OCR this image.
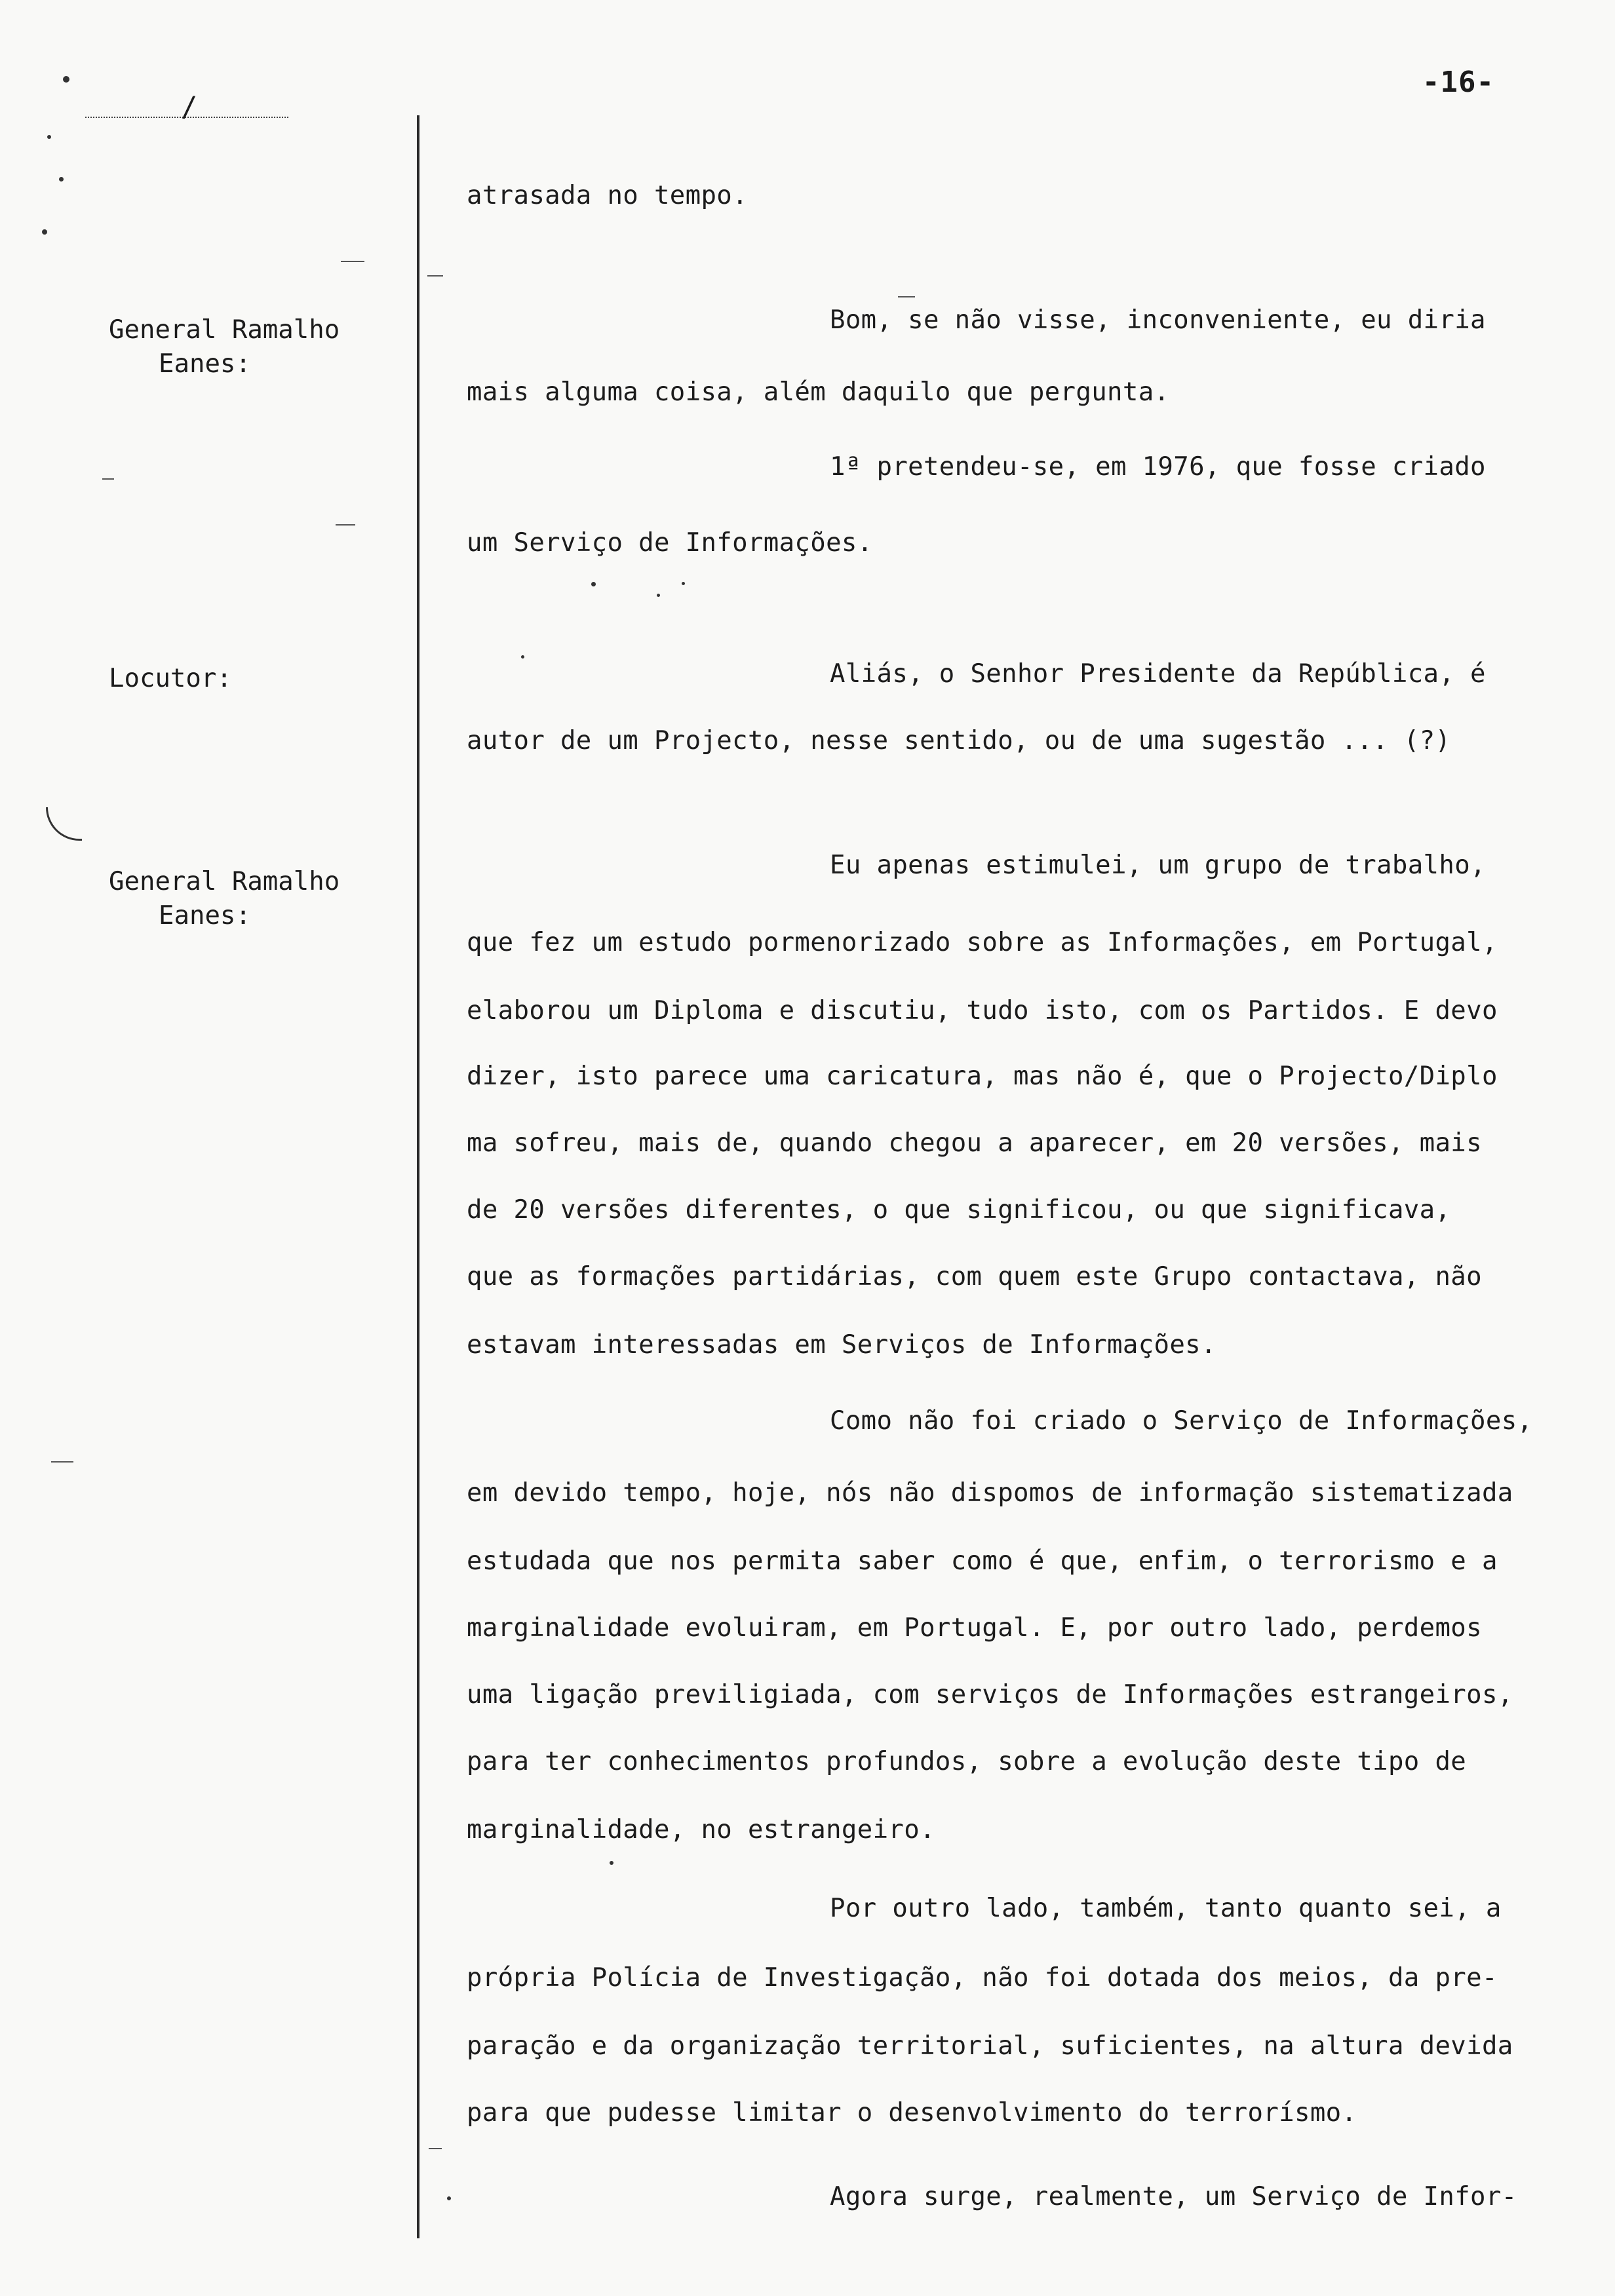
-16-
/
General Ramalho
Eanes:
Locutor:
General Ramalho
Eanes:
atrasada no tempo.
Bom, se não visse, inconveniente, eu diria
mais alguma coisa, além daquilo que pergunta.
1ª pretendeu-se, em 1976, que fosse criado
um Serviço de Informações.
Aliás, o Senhor Presidente da República, é
autor de um Projecto, nesse sentido, ou de uma sugestão ... (?)
Eu apenas estimulei, um grupo de trabalho,
que fez um estudo pormenorizado sobre as Informações, em Portugal,
elaborou um Diploma e discutiu, tudo isto, com os Partidos. E devo
dizer, isto parece uma caricatura, mas não é, que o Projecto/Diplo
ma sofreu, mais de, quando chegou a aparecer, em 20 versões, mais
de 20 versões diferentes, o que significou, ou que significava,
que as formações partidárias, com quem este Grupo contactava, não
estavam interessadas em Serviços de Informações.
Como não foi criado o Serviço de Informações,
em devido tempo, hoje, nós não dispomos de informação sistematizada
estudada que nos permita saber como é que, enfim, o terrorismo e a
marginalidade evoluiram, em Portugal. E, por outro lado, perdemos
uma ligação previligiada, com serviços de Informações estrangeiros,
para ter conhecimentos profundos, sobre a evolução deste tipo de
marginalidade, no estrangeiro.
Por outro lado, também, tanto quanto sei, a
própria Polícia de Investigação, não foi dotada dos meios, da pre-
paração e da organização territorial, suficientes, na altura devida
para que pudesse limitar o desenvolvimento do terrorísmo.
Agora surge, realmente, um Serviço de Infor-
